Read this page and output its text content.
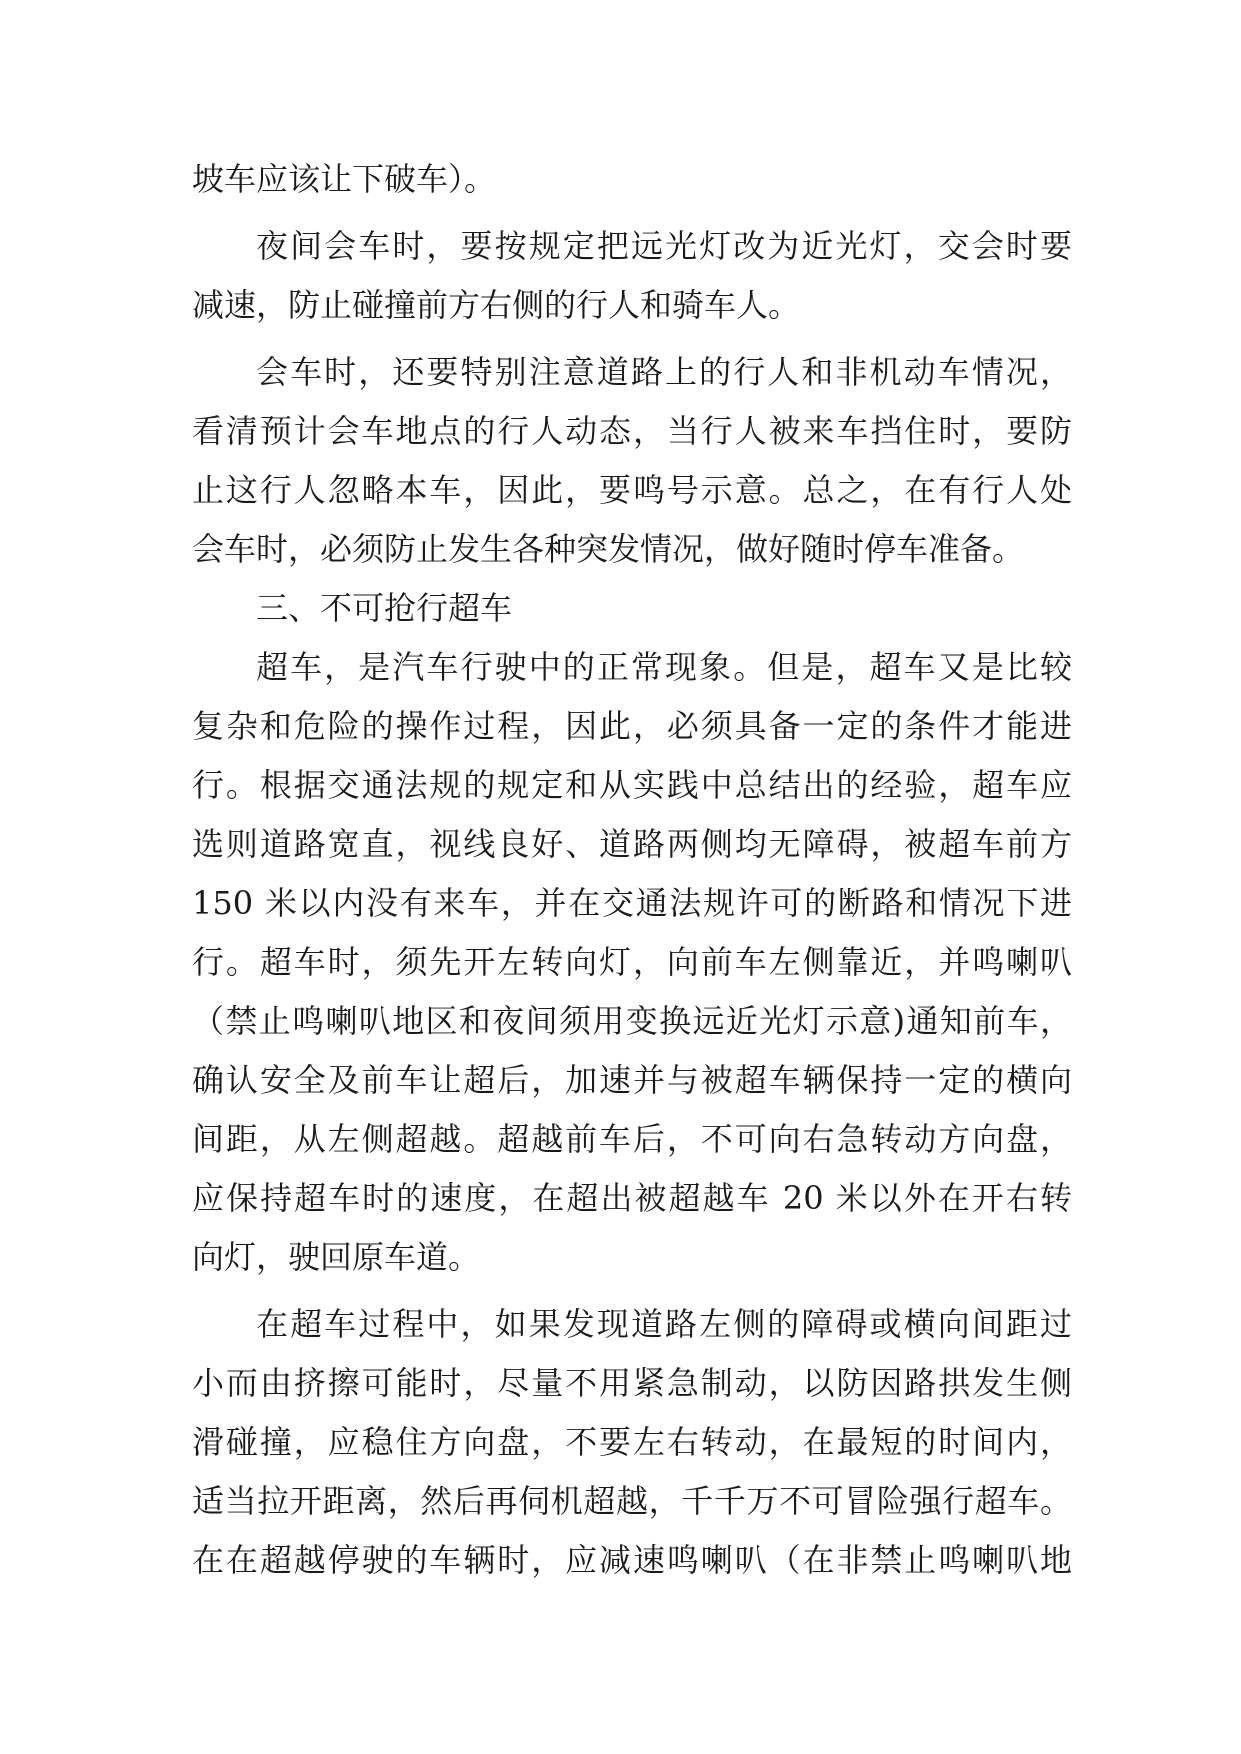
坡车应该让下破车）。
夜间会车时，要按规定把远光灯改为近光灯，交会时要
减速，防止碰撞前方右侧的行人和骑车人。
会车时，还要特别注意道路上的行人和非机动车情况，
看清预计会车地点的行人动态，当行人被来车挡住时，要防
止这行人忽略本车，因此，要鸣号示意。总之，在有行人处
会车时，必须防止发生各种突发情况，做好随时停车准备。
三、不可抢行超车
超车，是汽车行驶中的正常现象。但是，超车又是比较
复杂和危险的操作过程，因此，必须具备一定的条件才能进
行。根据交通法规的规定和从实践中总结出的经验，超车应
选则道路宽直，视线良好、道路两侧均无障碍，被超车前方
150 米以内没有来车，并在交通法规许可的断路和情况下进
行。超车时，须先开左转向灯，向前车左侧靠近，并鸣喇叭
（禁止鸣喇叭地区和夜间须用变换远近光灯示意)通知前车，
确认安全及前车让超后，加速并与被超车辆保持一定的横向
间距，从左侧超越。超越前车后，不可向右急转动方向盘，
应保持超车时的速度，在超出被超越车 20 米以外在开右转
向灯，驶回原车道。
在超车过程中，如果发现道路左侧的障碍或横向间距过
小而由挤擦可能时，尽量不用紧急制动，以防因路拱发生侧
滑碰撞，应稳住方向盘，不要左右转动，在最短的时间内，
适当拉开距离，然后再伺机超越，千千万不可冒险强行超车。
在在超越停驶的车辆时，应减速鸣喇叭（在非禁止鸣喇叭地
